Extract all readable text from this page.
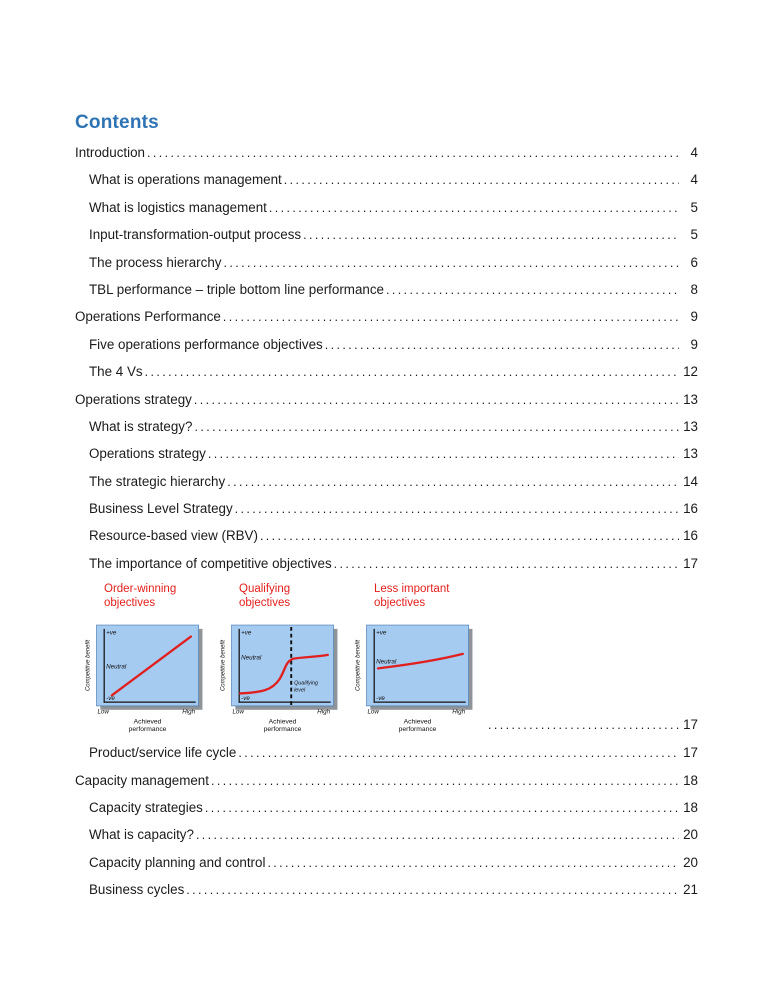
Contents
Introduction .....	4
What is operations management .....	4
What is logistics management .....	5
Input-transformation-output process .....	5
The process hierarchy .....	6
TBL performance – triple bottom line performance .....	8
Operations Performance .....	9
Five operations performance objectives .....	9
The 4 Vs .....	12
Operations strategy .....	13
What is strategy? .....	13
Operations strategy .....	13
The strategic hierarchy .....	14
Business Level Strategy .....	16
Resource-based view (RBV) .....	16
The importance of competitive objectives .....	17
Order-winning objectives
Competitive benefit
+ve
Neutral
-ve
Low	High
Achieved
performance
Qualifying objectives
Competitive benefit
+ve
Neutral
-ve
Qualifying
level
Low	High
Achieved
performance
Less important objectives
Competitive benefit
+ve
Neutral
-ve
Low	High
Achieved
performance .....	17
Product/service life cycle .....	17
Capacity management .....	18
Capacity strategies .....	18
What is capacity? .....	20
Capacity planning and control .....	20
Business cycles .....	21
